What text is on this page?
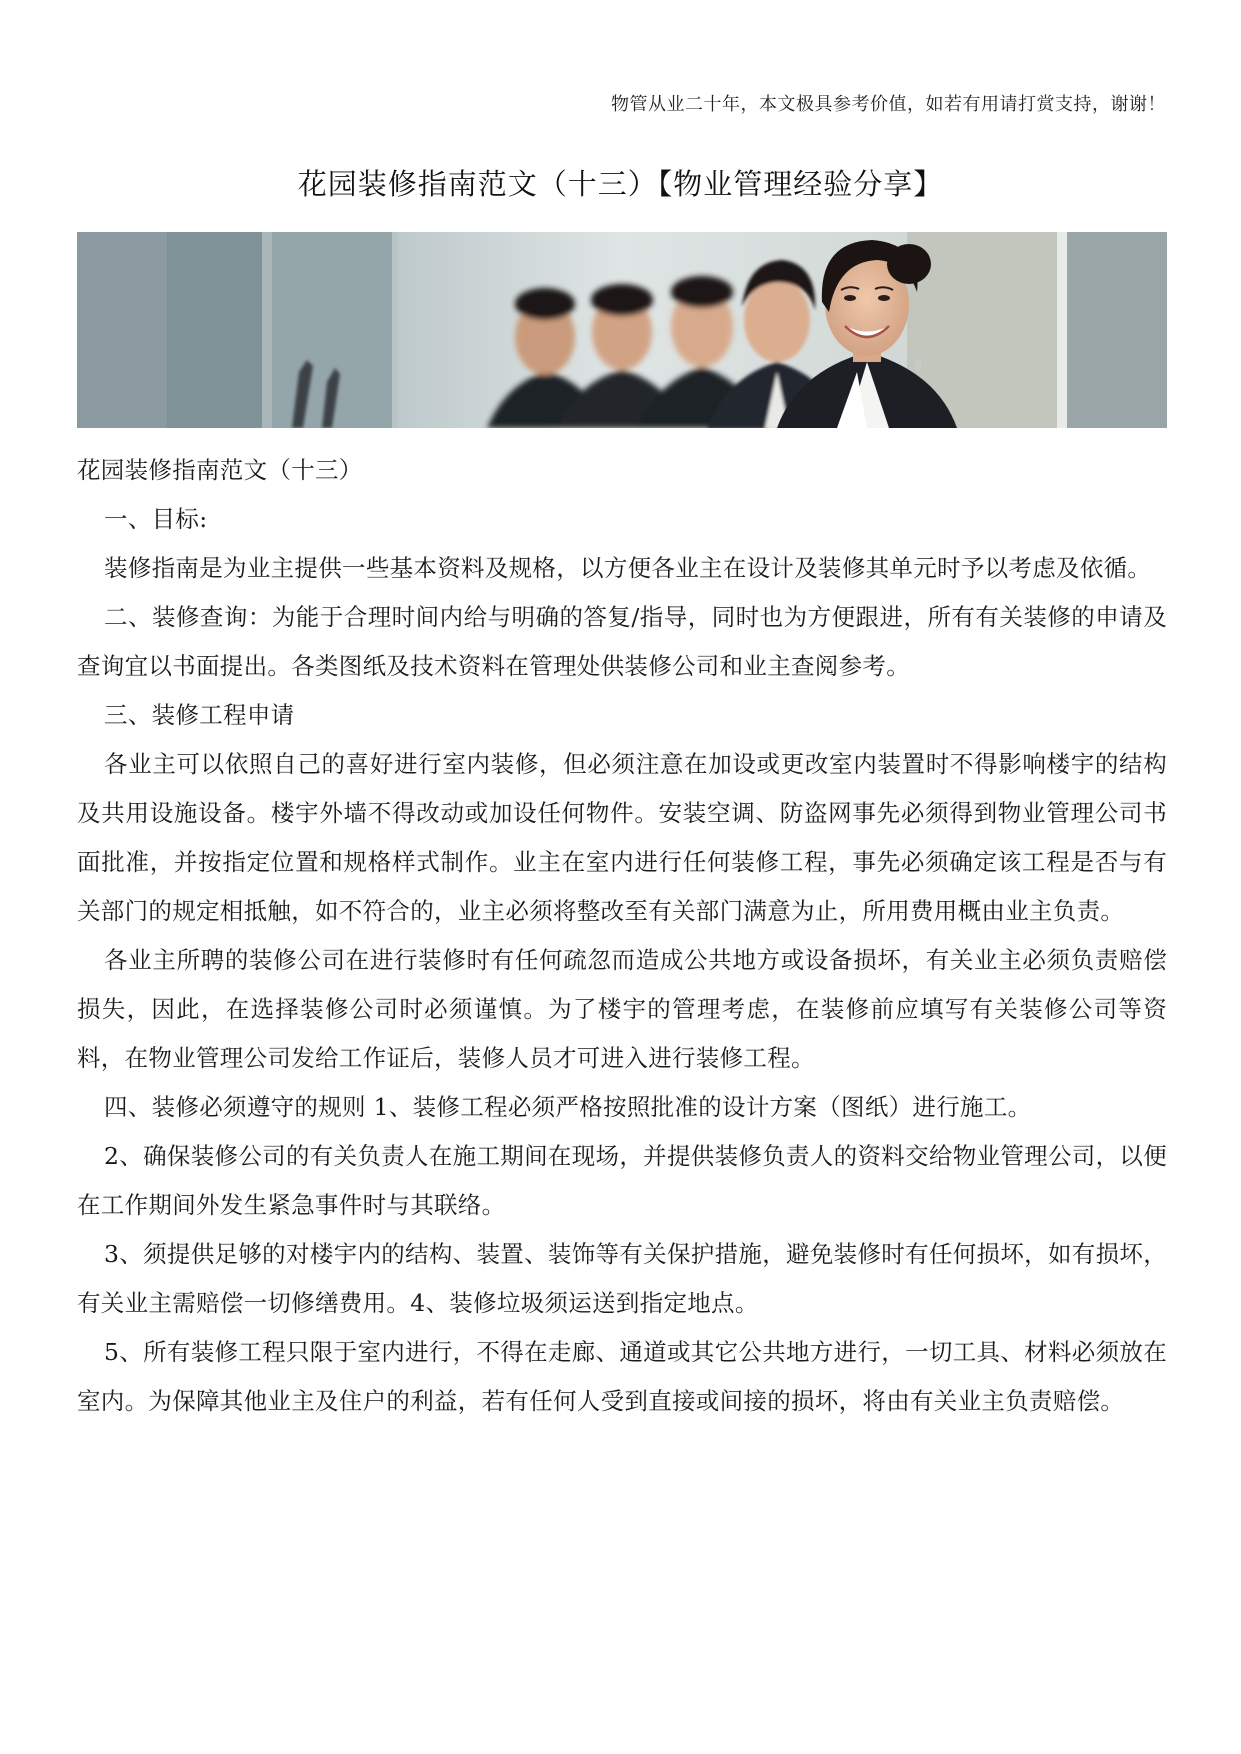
物管从业二十年，本文极具参考价值，如若有用请打赏支持，谢谢！
花园装修指南范文（十三）【物业管理经验分享】

花园装修指南范文（十三）

一、目标:

装修指南是为业主提供一些基本资料及规格，以方便各业主在设计及装修其单元时予以考虑及依循。

二、装修查询：为能于合理时间内给与明确的答复/指导，同时也为方便跟进，所有有关装修的申请及查询宜以书面提出。各类图纸及技术资料在管理处供装修公司和业主查阅参考。

三、装修工程申请

各业主可以依照自己的喜好进行室内装修，但必须注意在加设或更改室内装置时不得影响楼宇的结构及共用设施设备。楼宇外墙不得改动或加设任何物件。安装空调、防盗网事先必须得到物业管理公司书面批准，并按指定位置和规格样式制作。业主在室内进行任何装修工程，事先必须确定该工程是否与有关部门的规定相抵触，如不符合的，业主必须将整改至有关部门满意为止，所用费用概由业主负责。

各业主所聘的装修公司在进行装修时有任何疏忽而造成公共地方或设备损坏，有关业主必须负责赔偿损失，因此，在选择装修公司时必须谨慎。为了楼宇的管理考虑，在装修前应填写有关装修公司等资料，在物业管理公司发给工作证后，装修人员才可进入进行装修工程。

四、装修必须遵守的规则 1、装修工程必须严格按照批准的设计方案（图纸）进行施工。

2、确保装修公司的有关负责人在施工期间在现场，并提供装修负责人的资料交给物业管理公司，以便在工作期间外发生紧急事件时与其联络。

3、须提供足够的对楼宇内的结构、装置、装饰等有关保护措施，避免装修时有任何损坏，如有损坏，有关业主需赔偿一切修缮费用。4、装修垃圾须运送到指定地点。

5、所有装修工程只限于室内进行，不得在走廊、通道或其它公共地方进行，一切工具、材料必须放在室内。为保障其他业主及住户的利益，若有任何人受到直接或间接的损坏，将由有关业主负责赔偿。
